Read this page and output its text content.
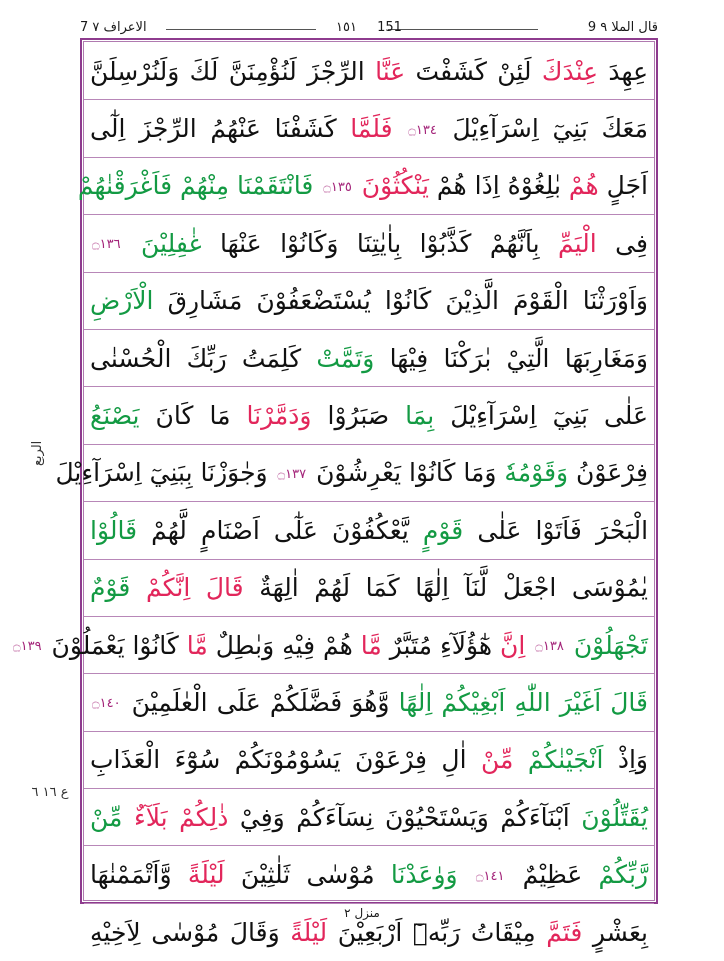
9 قال الملا ٩
١٥١ 151
7 الاعراف ٧
عِهِدَ عِنْدَكَ لَئِنْ كَشَفْتَ عَنَّا الرِّجْزَ لَنُؤْمِنَنَّ لَكَ وَلَنُرْسِلَنَّ
مَعَكَ بَنِيٓ اِسْرَآءِيْلَ ۝١٣٤ فَلَمَّا كَشَفْنَا عَنْهُمُ الرِّجْزَ اِلٰٓى
اَجَلٍ هُمْ بٰلِغُوْهُ اِذَا هُمْ يَنْكُثُوْنَ ۝١٣٥ فَانْتَقَمْنَا مِنْهُمْ فَاَغْرَقْنٰهُمْ
فِى الْيَمِّ بِاَنَّهُمْ كَذَّبُوْا بِاٰيٰتِنَا وَكَانُوْا عَنْهَا غٰفِلِيْنَ ۝١٣٦
وَاَوْرَثْنَا الْقَوْمَ الَّذِيْنَ كَانُوْا يُسْتَضْعَفُوْنَ مَشَارِقَ الْاَرْضِ
وَمَغَارِبَهَا الَّتِيْ بٰرَكْنَا فِيْهَا وَتَمَّتْ كَلِمَتُ رَبِّكَ الْحُسْنٰى
عَلٰى بَنِيٓ اِسْرَآءِيْلَ بِمَا صَبَرُوْا وَدَمَّرْنَا مَا كَانَ يَصْنَعُ
فِرْعَوْنُ وَقَوْمُهٗ وَمَا كَانُوْا يَعْرِشُوْنَ ۝١٣٧ وَجٰوَزْنَا بِبَنِيٓ اِسْرَآءِيْلَ
الْبَحْرَ فَاَتَوْا عَلٰى قَوْمٍ يَّعْكُفُوْنَ عَلٰٓى اَصْنَامٍ لَّهُمْ قَالُوْا
يٰمُوْسَى اجْعَلْ لَّنَآ اِلٰهًا كَمَا لَهُمْ اٰلِهَةٌ قَالَ اِنَّكُمْ قَوْمٌ
تَجْهَلُوْنَ ۝١٣٨ اِنَّ هٰٓؤُلَآءِ مُتَبَّرٌ مَّا هُمْ فِيْهِ وَبٰطِلٌ مَّا كَانُوْا يَعْمَلُوْنَ ۝١٣٩
قَالَ اَغَيْرَ اللّٰهِ اَبْغِيْكُمْ اِلٰهًا وَّهُوَ فَضَّلَكُمْ عَلَى الْعٰلَمِيْنَ ۝١٤٠
وَاِذْ اَنْجَيْنٰكُمْ مِّنْ اٰلِ فِرْعَوْنَ يَسُوْمُوْنَكُمْ سُوْٓءَ الْعَذَابِ
يُقَتِّلُوْنَ اَبْنَآءَكُمْ وَيَسْتَحْيُوْنَ نِسَآءَكُمْ وَفِيْ ذٰلِكُمْ بَلَآءٌ مِّنْ
رَّبِّكُمْ عَظِيْمٌ ۝١٤١ وَوٰعَدْنَا مُوْسٰى ثَلٰثِيْنَ لَيْلَةً وَّاَتْمَمْنٰهَا
بِعَشْرٍ فَتَمَّ مِيْقَاتُ رَبِّهٖٓ اَرْبَعِيْنَ لَيْلَةً وَقَالَ مُوْسٰى لِاَخِيْهِ
الربع
ع ١٦ ٦
منزل ٢
